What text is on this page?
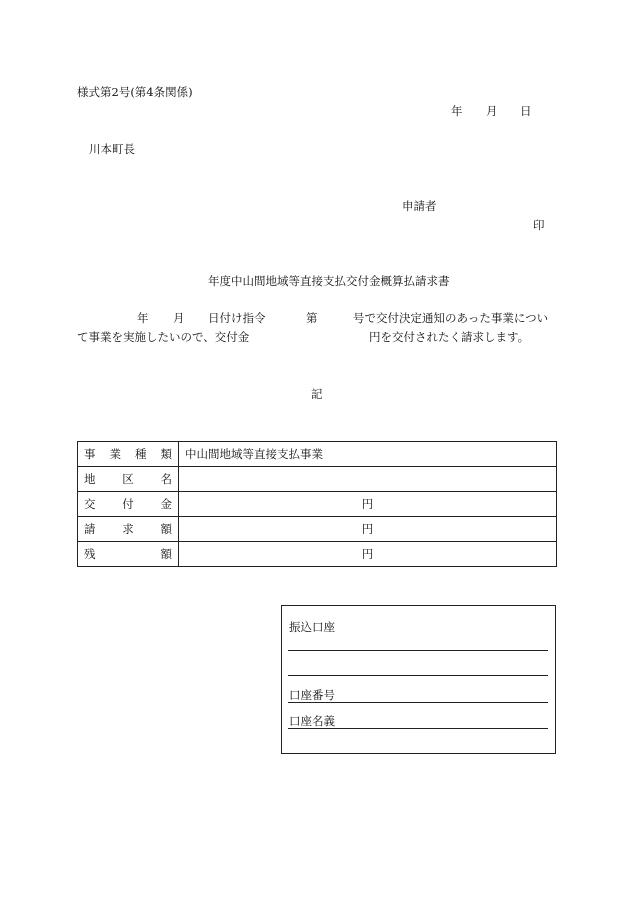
様式第2号(第4条関係)
年 月 日
川本町長
申請者
印
年度中山間地域等直接支払交付金概算払請求書
年 月 日付け指令	第	号で交付決定通知のあった事業につい
て事業を実施したいので、交付金	円を交付されたく請求します。
記
事 業 種 類	中山間地域等直接支払事業

地 区 名	

交 付 金	円

請 求 額	円

残 額	円
振込口座
口座番号
口座名義
